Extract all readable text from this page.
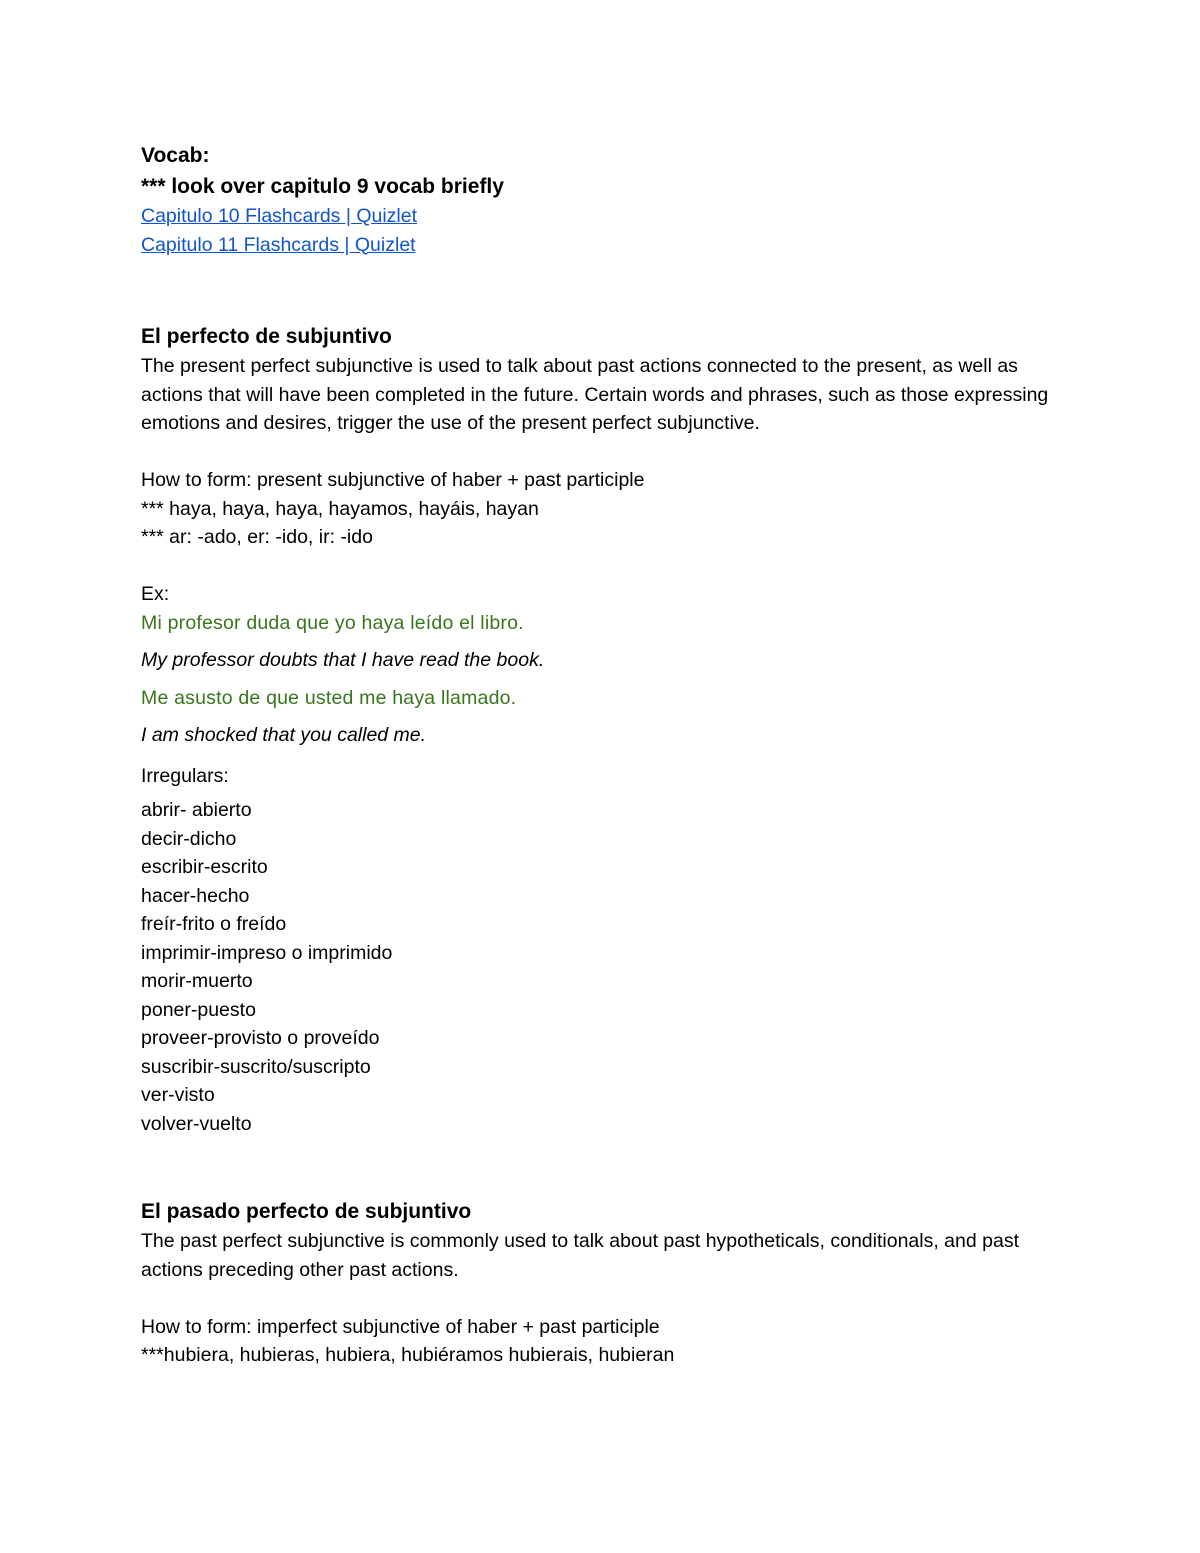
Vocab:
*** look over capitulo 9 vocab briefly
Capitulo 10 Flashcards | Quizlet
Capitulo 11 Flashcards | Quizlet
El perfecto de subjuntivo
The present perfect subjunctive is used to talk about past actions connected to the present, as well as actions that will have been completed in the future. Certain words and phrases, such as those expressing emotions and desires, trigger the use of the present perfect subjunctive.
How to form: present subjunctive of haber + past participle
*** haya, haya, haya, hayamos, hayáis, hayan
*** ar: -ado, er: -ido, ir: -ido
Ex:
Mi profesor duda que yo haya leído el libro.
My professor doubts that I have read the book.
Me asusto de que usted me haya llamado.
I am shocked that you called me.
Irregulars:
abrir- abierto
decir-dicho
escribir-escrito
hacer-hecho
freír-frito o freído
imprimir-impreso o imprimido
morir-muerto
poner-puesto
proveer-provisto o proveído
suscribir-suscrito/suscripto
ver-visto
volver-vuelto
El pasado perfecto de subjuntivo
The past perfect subjunctive is commonly used to talk about past hypotheticals, conditionals, and past actions preceding other past actions.
How to form: imperfect subjunctive of haber + past participle
***hubiera, hubieras, hubiera, hubiéramos hubierais, hubieran
